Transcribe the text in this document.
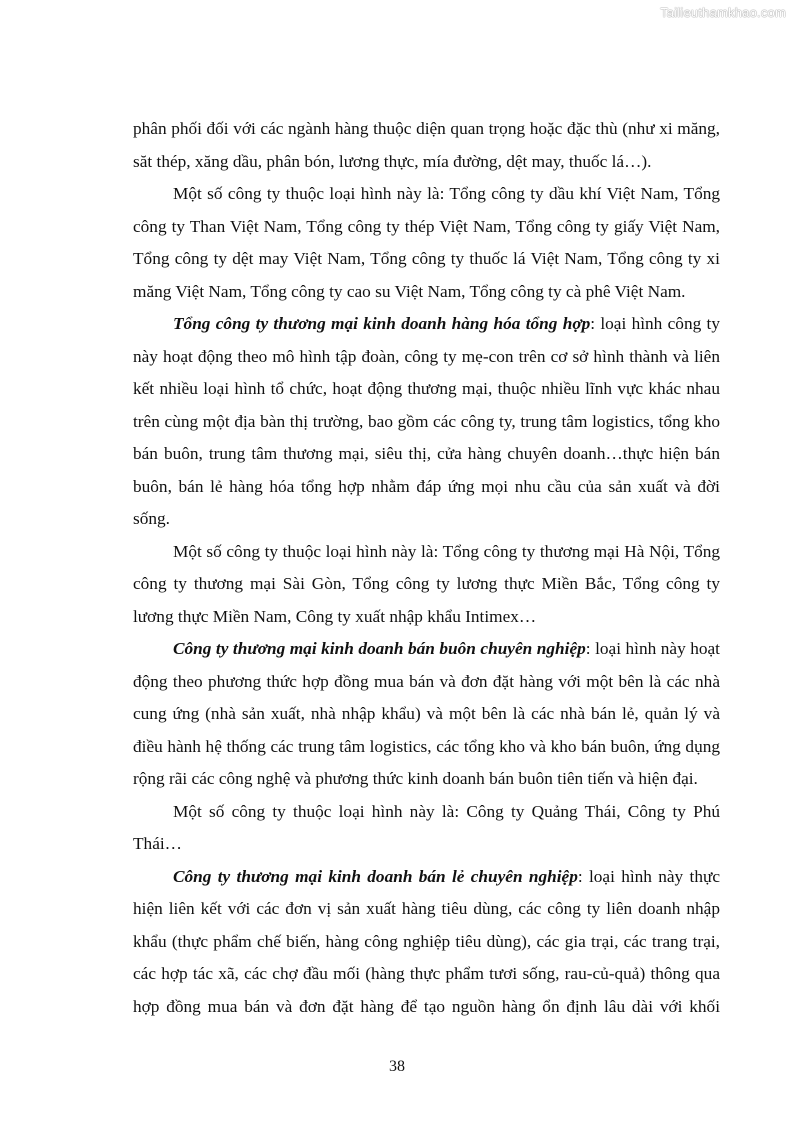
Tailieuthamkhao.com

phân phối đối với các ngành hàng thuộc diện quan trọng hoặc đặc thù (như xi măng, săt thép, xăng dầu, phân bón, lương thực, mía đường, dệt may, thuốc lá…).

Một số công ty thuộc loại hình này là: Tổng công ty dầu khí Việt Nam, Tổng công ty Than Việt Nam, Tổng công ty thép Việt Nam, Tổng công ty giấy Việt Nam, Tổng công ty dệt may Việt Nam, Tổng công ty thuốc lá Việt Nam, Tổng công ty xi măng Việt Nam, Tổng công ty cao su Việt Nam, Tổng công ty cà phê Việt Nam.

Tổng công ty thương mại kinh doanh hàng hóa tổng hợp: loại hình công ty này hoạt động theo mô hình tập đoàn, công ty mẹ-con trên cơ sở hình thành và liên kết nhiều loại hình tổ chức, hoạt động thương mại, thuộc nhiều lĩnh vực khác nhau trên cùng một địa bàn thị trường, bao gồm các công ty, trung tâm logistics, tổng kho bán buôn, trung tâm thương mại, siêu thị, cửa hàng chuyên doanh…thực hiện bán buôn, bán lẻ hàng hóa tổng hợp nhằm đáp ứng mọi nhu cầu của sản xuất và đời sống.

Một số công ty thuộc loại hình này là: Tổng công ty thương mại Hà Nội, Tổng công ty thương mại Sài Gòn, Tổng công ty lương thực Miền Bắc, Tổng công ty lương thực Miền Nam, Công ty xuất nhập khẩu Intimex…

Công ty thương mại kinh doanh bán buôn chuyên nghiệp: loại hình này hoạt động theo phương thức hợp đồng mua bán và đơn đặt hàng với một bên là các nhà cung ứng (nhà sản xuất, nhà nhập khẩu) và một bên là các nhà bán lẻ, quản lý và điều hành hệ thống các trung tâm logistics, các tổng kho và kho bán buôn, ứng dụng rộng rãi các công nghệ và phương thức kinh doanh bán buôn tiên tiến và hiện đại.

Một số công ty thuộc loại hình này là: Công ty Quảng Thái, Công ty Phú Thái…

Công ty thương mại kinh doanh bán lẻ chuyên nghiệp: loại hình này thực hiện liên kết với các đơn vị sản xuất hàng tiêu dùng, các công ty liên doanh nhập khẩu (thực phẩm chế biến, hàng công nghiệp tiêu dùng), các gia trại, các trang trại, các hợp tác xã, các chợ đầu mối (hàng thực phẩm tươi sống, rau-củ-quả) thông qua hợp đồng mua bán và đơn đặt hàng để tạo nguồn hàng ổn định lâu dài với khối

38
